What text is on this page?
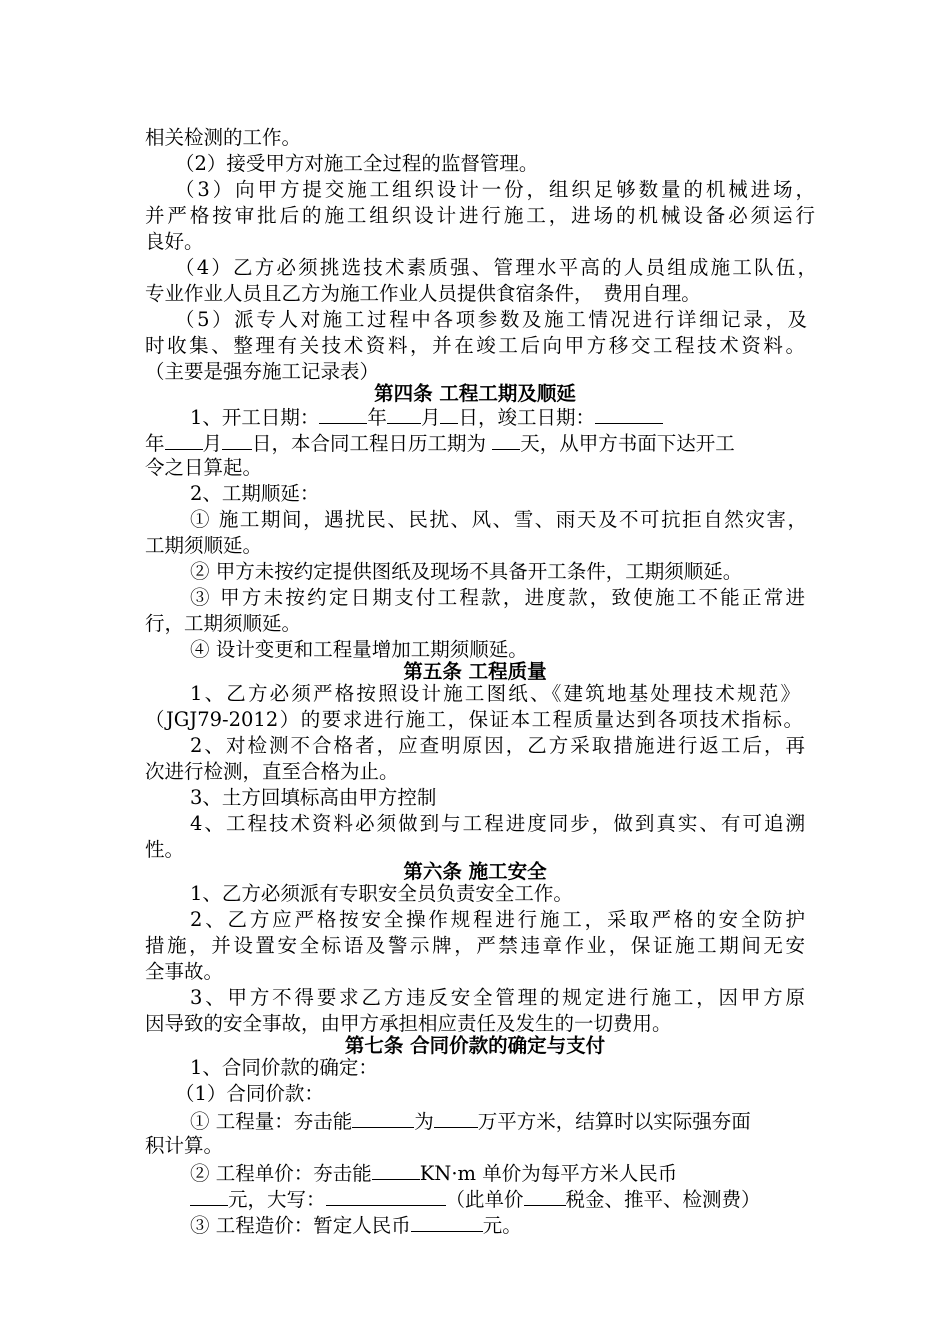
相关检测的工作。
（2）接受甲方对施工全过程的监督管理。
（3）向甲方提交施工组织设计一份，组织足够数量的机械进场，
并严格按审批后的施工组织设计进行施工，进场的机械设备必须运行
良好。
（4）乙方必须挑选技术素质强、管理水平高的人员组成施工队伍，
专业作业人员且乙方为施工作业人员提供食宿条件，　费用自理。
（5）派专人对施工过程中各项参数及施工情况进行详细记录，及
时收集、整理有关技术资料，并在竣工后向甲方移交工程技术资料。
（主要是强夯施工记录表）
第四条 工程工期及顺延
1、开工日期： 年 月 日，竣工日期：
年 月 日，本合同工程日历工期为 天，从甲方书面下达开工
令之日算起。
2、工期顺延：
① 施工期间，遇扰民、民扰、风、雪、雨天及不可抗拒自然灾害，
工期须顺延。
② 甲方未按约定提供图纸及现场不具备开工条件，工期须顺延。
③ 甲方未按约定日期支付工程款，进度款，致使施工不能正常进
行，工期须顺延。
④ 设计变更和工程量增加工期须顺延。
第五条 工程质量
1、乙方必须严格按照设计施工图纸、《建筑地基处理技术规范》
（JGJ79-2012）的要求进行施工，保证本工程质量达到各项技术指标。
2、对检测不合格者，应查明原因，乙方采取措施进行返工后，再
次进行检测，直至合格为止。
3、土方回填标高由甲方控制
4、工程技术资料必须做到与工程进度同步，做到真实、有可追溯
性。
第六条 施工安全
1、乙方必须派有专职安全员负责安全工作。
2、乙方应严格按安全操作规程进行施工，采取严格的安全防护
措施，并设置安全标语及警示牌，严禁违章作业，保证施工期间无安
全事故。
3、甲方不得要求乙方违反安全管理的规定进行施工，因甲方原
因导致的安全事故，由甲方承担相应责任及发生的一切费用。
第七条 合同价款的确定与支付
1、合同价款的确定：
（1）合同价款：
① 工程量：夯击能	为 万平方米，结算时以实际强夯面
积计算。
② 工程单价：夯击能 KN·m 单价为每平方米人民币
元，大写：	（此单价 税金、推平、检测费）
③ 工程造价：暂定人民币	元。
